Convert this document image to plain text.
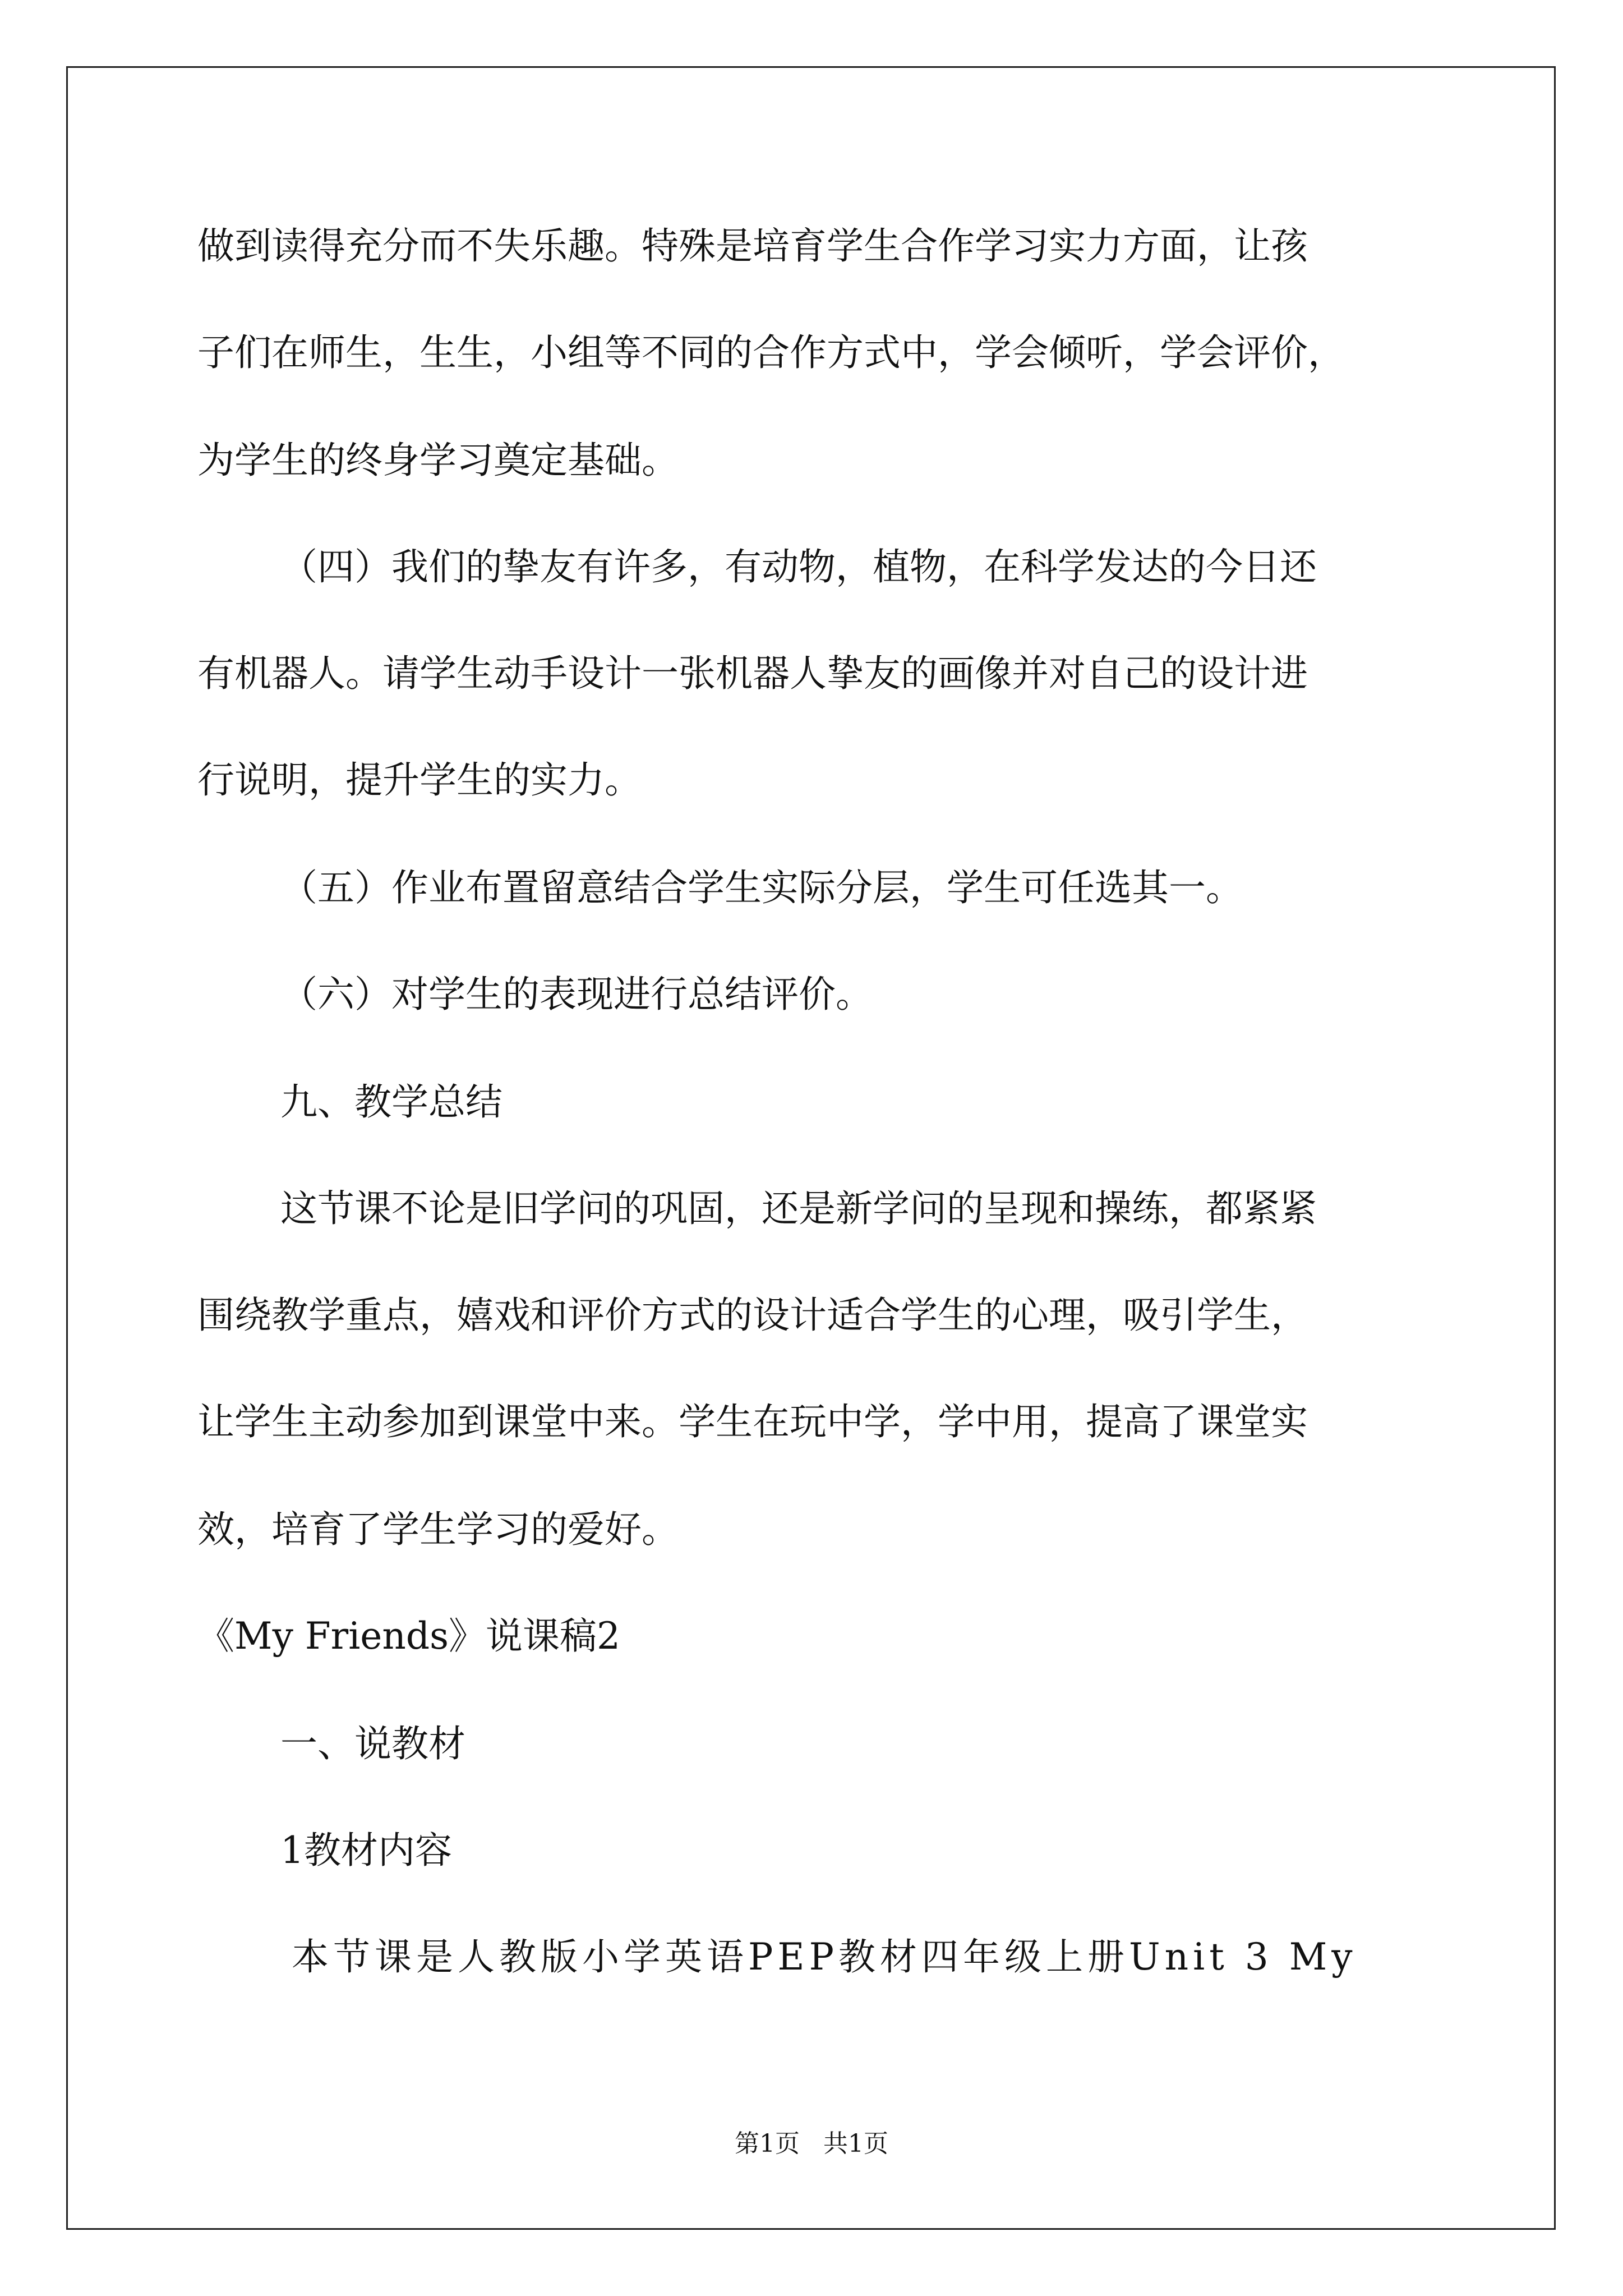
做到读得充分而不失乐趣。特殊是培育学生合作学习实力方面，让孩
子们在师生，生生，小组等不同的合作方式中，学会倾听，学会评价，
为学生的终身学习奠定基础。
（四）我们的挚友有许多，有动物，植物，在科学发达的今日还
有机器人。请学生动手设计一张机器人挚友的画像并对自己的设计进
行说明，提升学生的实力。
（五）作业布置留意结合学生实际分层，学生可任选其一。
（六）对学生的表现进行总结评价。
九、教学总结
这节课不论是旧学问的巩固，还是新学问的呈现和操练，都紧紧
围绕教学重点，嬉戏和评价方式的设计适合学生的心理，吸引学生，
让学生主动参加到课堂中来。学生在玩中学，学中用，提高了课堂实
效，培育了学生学习的爱好。
《My Friends》说课稿2
一、说教材
1教材内容
本节课是人教版小学英语PEP教材四年级上册Unit 3 My
第1页   共1页
